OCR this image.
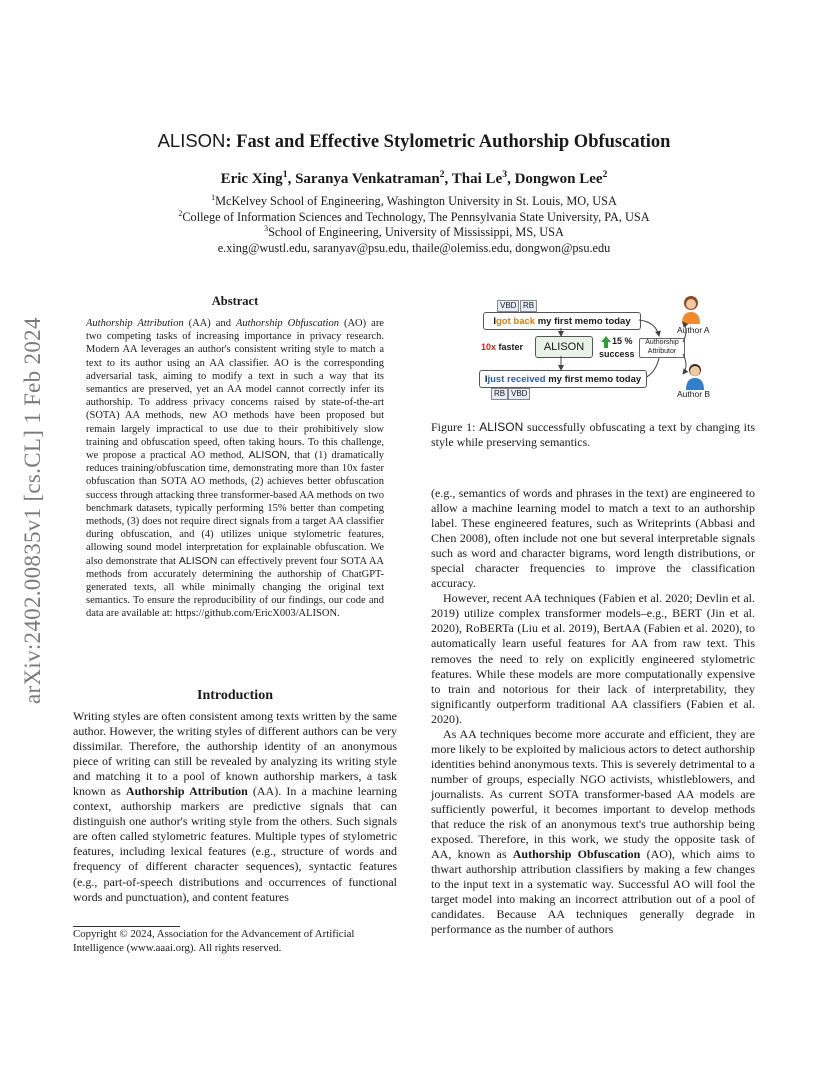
arXiv:2402.00835v1 [cs.CL] 1 Feb 2024
ALISON: Fast and Effective Stylometric Authorship Obfuscation
Eric Xing$^1$, Saranya Venkatraman$^2$, Thai Le$^3$, Dongwon Lee$^2$
$^1$McKelvey School of Engineering, Washington University in St. Louis, MO, USA
$^2$College of Information Sciences and Technology, The Pennsylvania State University, PA, USA
$^3$School of Engineering, University of Mississippi, MS, USA
e.xing@wustl.edu, saranyav@psu.edu, thaile@olemiss.edu, dongwon@psu.edu
Abstract
Authorship Attribution (AA) and Authorship Obfuscation (AO) are two competing tasks of increasing importance in privacy research. Modern AA leverages an author's consistent writing style to match a text to its author using an AA classifier. AO is the corresponding adversarial task, aiming to modify a text in such a way that its semantics are preserved, yet an AA model cannot correctly infer its authorship. To address privacy concerns raised by state-of-the-art (SOTA) AA methods, new AO methods have been proposed but remain largely impractical to use due to their prohibitively slow training and obfuscation speed, often taking hours. To this challenge, we propose a practical AO method, ALISON, that (1) dramatically reduces training/obfuscation time, demonstrating more than 10x faster obfuscation than SOTA AO methods, (2) achieves better obfuscation success through attacking three transformer-based AA methods on two benchmark datasets, typically performing 15% better than competing methods, (3) does not require direct signals from a target AA classifier during obfuscation, and (4) utilizes unique stylometric features, allowing sound model interpretation for explainable obfuscation. We also demonstrate that ALISON can effectively prevent four SOTA AA methods from accurately determining the authorship of ChatGPT-generated texts, all while minimally changing the original text semantics. To ensure the reproducibility of our findings, our code and data are available at: https://github.com/EricX003/ALISON.
Introduction

Writing styles are often consistent among texts written by the same author. However, the writing styles of different authors can be very dissimilar. Therefore, the authorship identity of an anonymous piece of writing can still be revealed by analyzing its writing style and matching it to a pool of known authorship markers, a task known as Authorship Attribution (AA). In a machine learning context, authorship markers are predictive signals that can distinguish one author's writing style from the others. Such signals are often called stylometric features. Multiple types of stylometric features, including lexical features (e.g., structure of words and frequency of different character sequences), syntactic features (e.g., part-of-speech distributions and occurrences of functional words and punctuation), and content features

Copyright © 2024, Association for the Advancement of Artificial Intelligence (www.aaai.org). All rights reserved.
VBD RB
I got back my first memo today
Author A
10x faster	ALISON	15 %
success
Authorship
Attributor
I just received my first memo today
RB VBD	Author B
Figure 1: ALISON successfully obfuscating a text by changing its style while preserving semantics.

(e.g., semantics of words and phrases in the text) are engineered to allow a machine learning model to match a text to an authorship label. These engineered features, such as Writeprints (Abbasi and Chen 2008), often include not one but several interpretable signals such as word and character bigrams, word length distributions, or special character frequencies to improve the classification accuracy.

However, recent AA techniques (Fabien et al. 2020; Devlin et al. 2019) utilize complex transformer models–e.g., BERT (Jin et al. 2020), RoBERTa (Liu et al. 2019), BertAA (Fabien et al. 2020), to automatically learn useful features for AA from raw text. This removes the need to rely on explicitly engineered stylometric features. While these models are more computationally expensive to train and notorious for their lack of interpretability, they significantly outperform traditional AA classifiers (Fabien et al. 2020).

As AA techniques become more accurate and efficient, they are more likely to be exploited by malicious actors to detect authorship identities behind anonymous texts. This is severely detrimental to a number of groups, especially NGO activists, whistleblowers, and journalists. As current SOTA transformer-based AA models are sufficiently powerful, it becomes important to develop methods that reduce the risk of an anonymous text's true authorship being exposed. Therefore, in this work, we study the opposite task of AA, known as Authorship Obfuscation (AO), which aims to thwart authorship attribution classifiers by making a few changes to the input text in a systematic way. Successful AO will fool the target model into making an incorrect attribution out of a pool of candidates. Because AA techniques generally degrade in performance as the number of authors
